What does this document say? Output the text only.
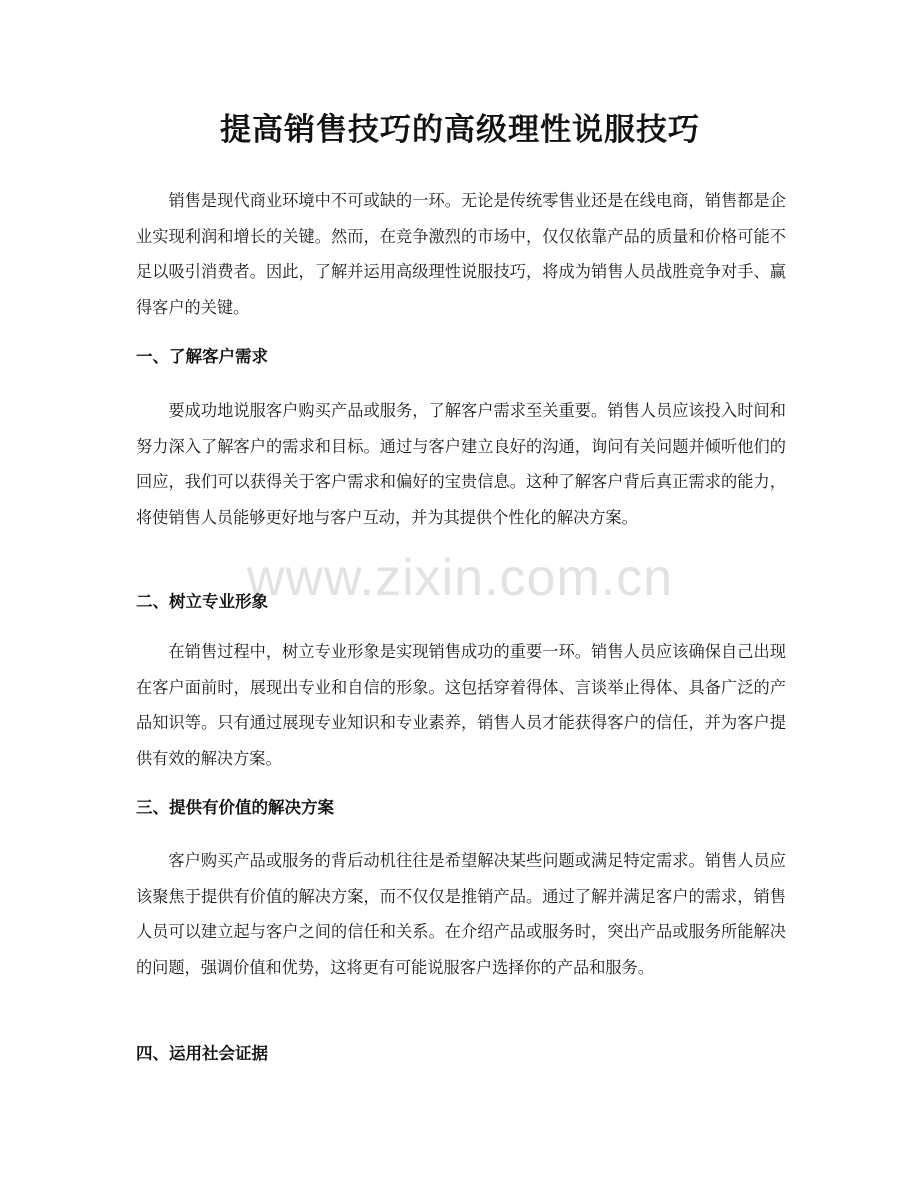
提高销售技巧的高级理性说服技巧

销售是现代商业环境中不可或缺的一环。无论是传统零售业还是在线电商，销售都是企业实现利润和增长的关键。然而，在竞争激烈的市场中，仅仅依靠产品的质量和价格可能不足以吸引消费者。因此，了解并运用高级理性说服技巧，将成为销售人员战胜竞争对手、赢得客户的关键。

一、了解客户需求

要成功地说服客户购买产品或服务，了解客户需求至关重要。销售人员应该投入时间和努力深入了解客户的需求和目标。通过与客户建立良好的沟通，询问有关问题并倾听他们的回应，我们可以获得关于客户需求和偏好的宝贵信息。这种了解客户背后真正需求的能力，将使销售人员能够更好地与客户互动，并为其提供个性化的解决方案。

二、树立专业形象

在销售过程中，树立专业形象是实现销售成功的重要一环。销售人员应该确保自己出现在客户面前时，展现出专业和自信的形象。这包括穿着得体、言谈举止得体、具备广泛的产品知识等。只有通过展现专业知识和专业素养，销售人员才能获得客户的信任，并为客户提供有效的解决方案。

三、提供有价值的解决方案

客户购买产品或服务的背后动机往往是希望解决某些问题或满足特定需求。销售人员应该聚焦于提供有价值的解决方案，而不仅仅是推销产品。通过了解并满足客户的需求，销售人员可以建立起与客户之间的信任和关系。在介绍产品或服务时，突出产品或服务所能解决的问题，强调价值和优势，这将更有可能说服客户选择你的产品和服务。

四、运用社会证据
www.zixin.com.cn
